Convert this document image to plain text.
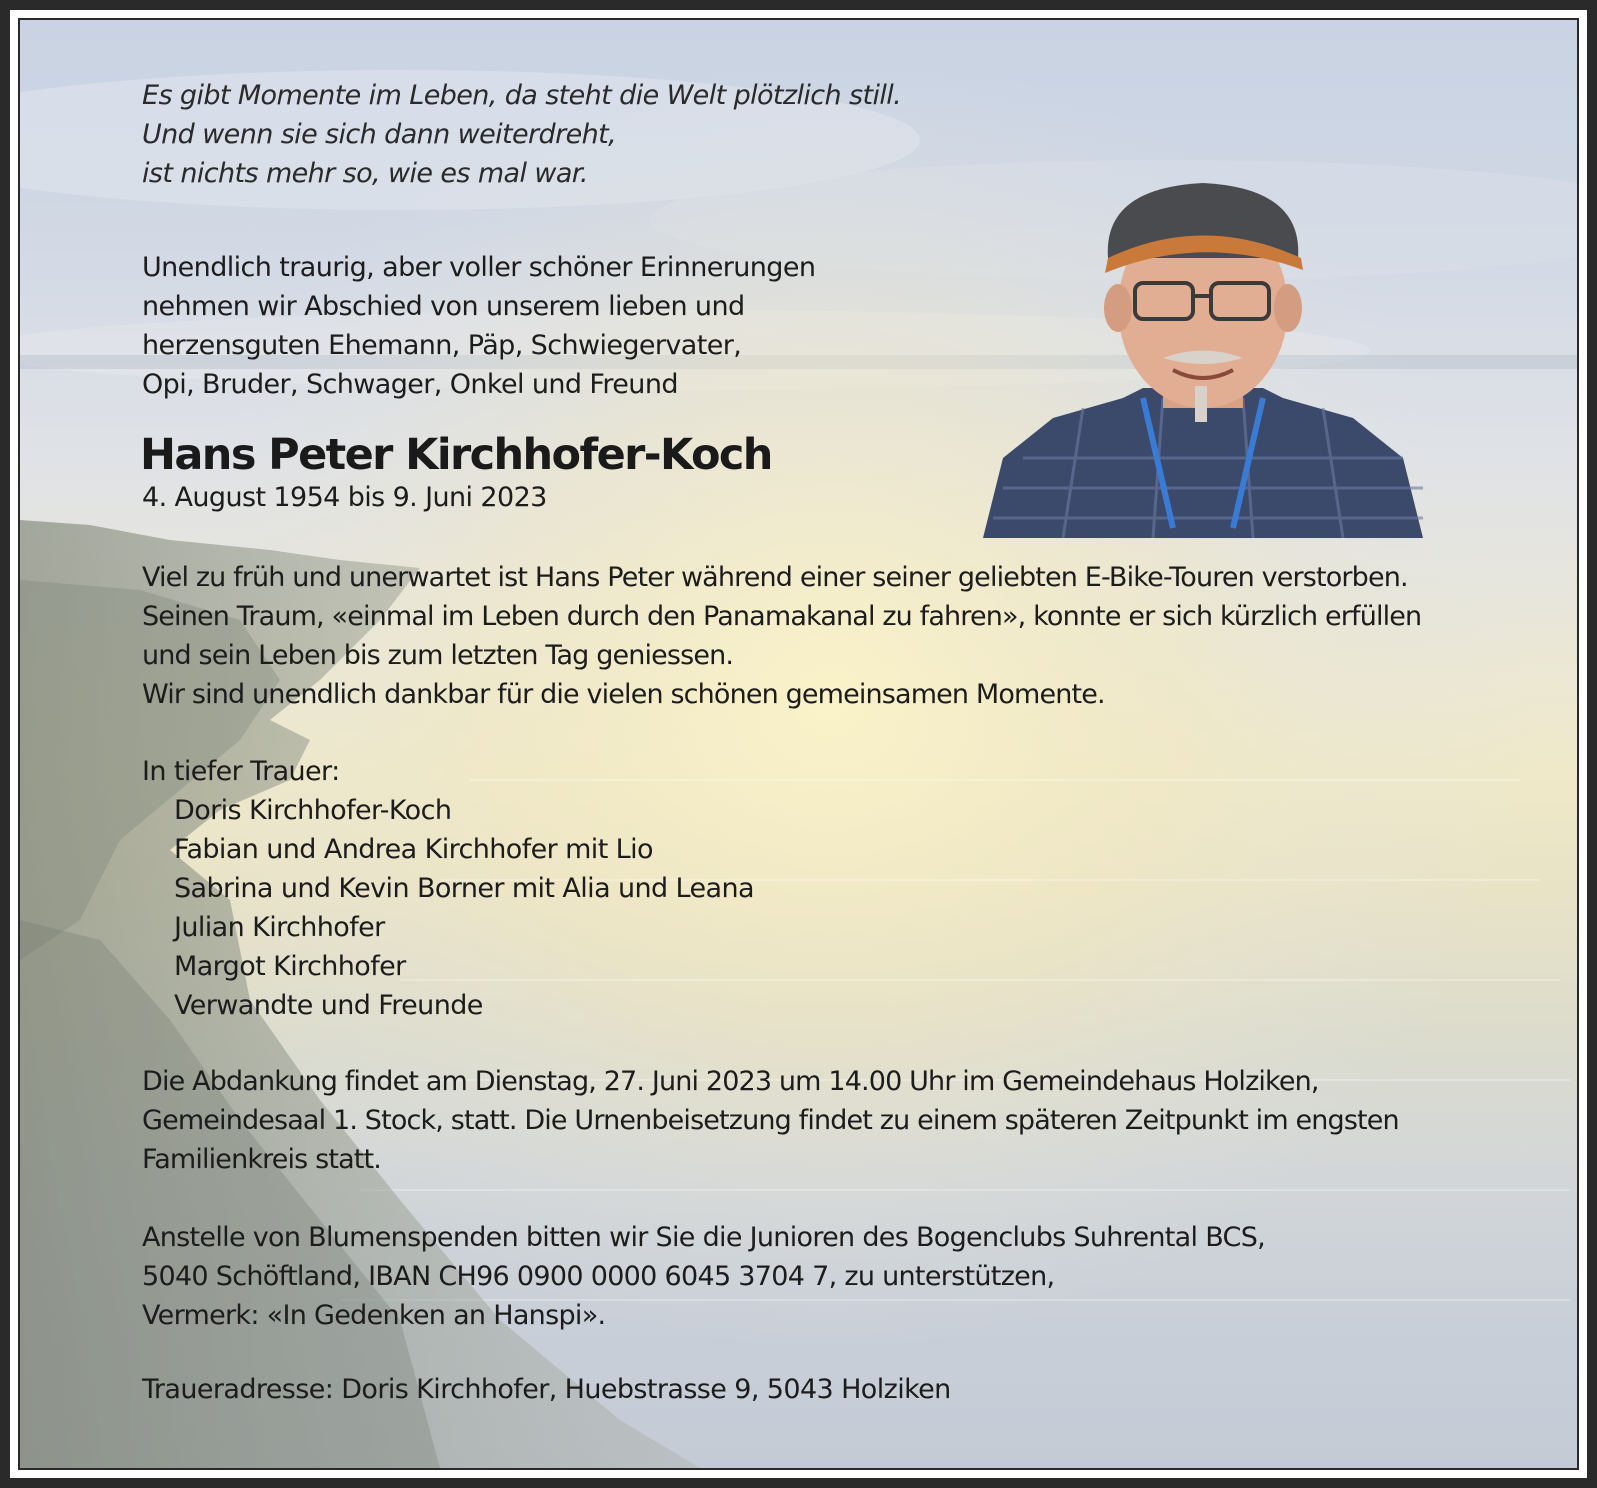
Es gibt Momente im Leben, da steht die Welt plötzlich still.
Und wenn sie sich dann weiterdreht,
ist nichts mehr so, wie es mal war.
Unendlich traurig, aber voller schöner Erinnerungen
nehmen wir Abschied von unserem lieben und
herzensguten Ehemann, Päp, Schwiegervater,
Opi, Bruder, Schwager, Onkel und Freund
Hans Peter Kirchhofer-Koch
4. August 1954 bis 9. Juni 2023
Viel zu früh und unerwartet ist Hans Peter während einer seiner geliebten E-Bike-Touren verstorben.
Seinen Traum, «einmal im Leben durch den Panamakanal zu fahren», konnte er sich kürzlich erfüllen
und sein Leben bis zum letzten Tag geniessen.
Wir sind unendlich dankbar für die vielen schönen gemeinsamen Momente.
In tiefer Trauer:
Doris Kirchhofer-Koch
Fabian und Andrea Kirchhofer mit Lio
Sabrina und Kevin Borner mit Alia und Leana
Julian Kirchhofer
Margot Kirchhofer
Verwandte und Freunde
Die Abdankung findet am Dienstag, 27. Juni 2023 um 14.00 Uhr im Gemeindehaus Holziken,
Gemeindesaal 1. Stock, statt. Die Urnenbeisetzung findet zu einem späteren Zeitpunkt im engsten
Familienkreis statt.
Anstelle von Blumenspenden bitten wir Sie die Junioren des Bogenclubs Suhrental BCS,
5040 Schöftland, IBAN CH96 0900 0000 6045 3704 7, zu unterstützen,
Vermerk: «In Gedenken an Hanspi».
Traueradresse: Doris Kirchhofer, Huebstrasse 9, 5043 Holziken
